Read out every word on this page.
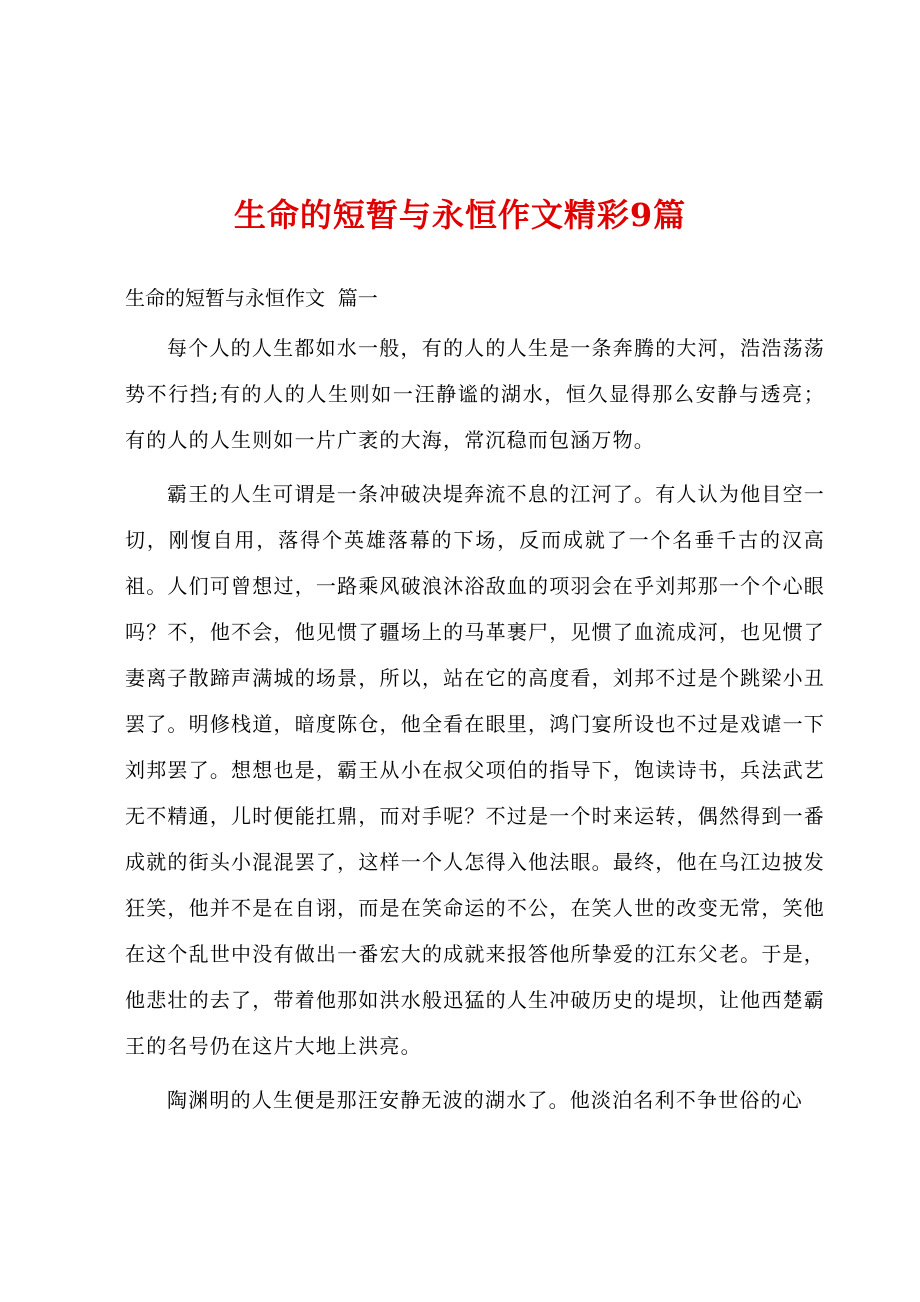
生命的短暂与永恒作文精彩9篇

生命的短暂与永恒作文  篇一

每个人的人生都如水一般，有的人的人生是一条奔腾的大河，浩浩荡荡势不行挡;有的人的人生则如一汪静谧的湖水，恒久显得那么安静与透亮；有的人的人生则如一片广袤的大海，常沉稳而包涵万物。

霸王的人生可谓是一条冲破决堤奔流不息的江河了。有人认为他目空一切，刚愎自用，落得个英雄落幕的下场，反而成就了一个名垂千古的汉高祖。人们可曾想过，一路乘风破浪沐浴敌血的项羽会在乎刘邦那一个个心眼吗？不，他不会，他见惯了疆场上的马革裹尸，见惯了血流成河，也见惯了妻离子散蹄声满城的场景，所以，站在它的高度看，刘邦不过是个跳梁小丑罢了。明修栈道，暗度陈仓，他全看在眼里，鸿门宴所设也不过是戏谑一下刘邦罢了。想想也是，霸王从小在叔父项伯的指导下，饱读诗书，兵法武艺无不精通，儿时便能扛鼎，而对手呢？不过是一个时来运转，偶然得到一番成就的街头小混混罢了，这样一个人怎得入他法眼。最终，他在乌江边披发狂笑，他并不是在自诩，而是在笑命运的不公，在笑人世的改变无常，笑他在这个乱世中没有做出一番宏大的成就来报答他所挚爱的江东父老。于是，他悲壮的去了，带着他那如洪水般迅猛的人生冲破历史的堤坝，让他西楚霸王的名号仍在这片大地上洪亮。

陶渊明的人生便是那汪安静无波的湖水了。他淡泊名利不争世俗的心
